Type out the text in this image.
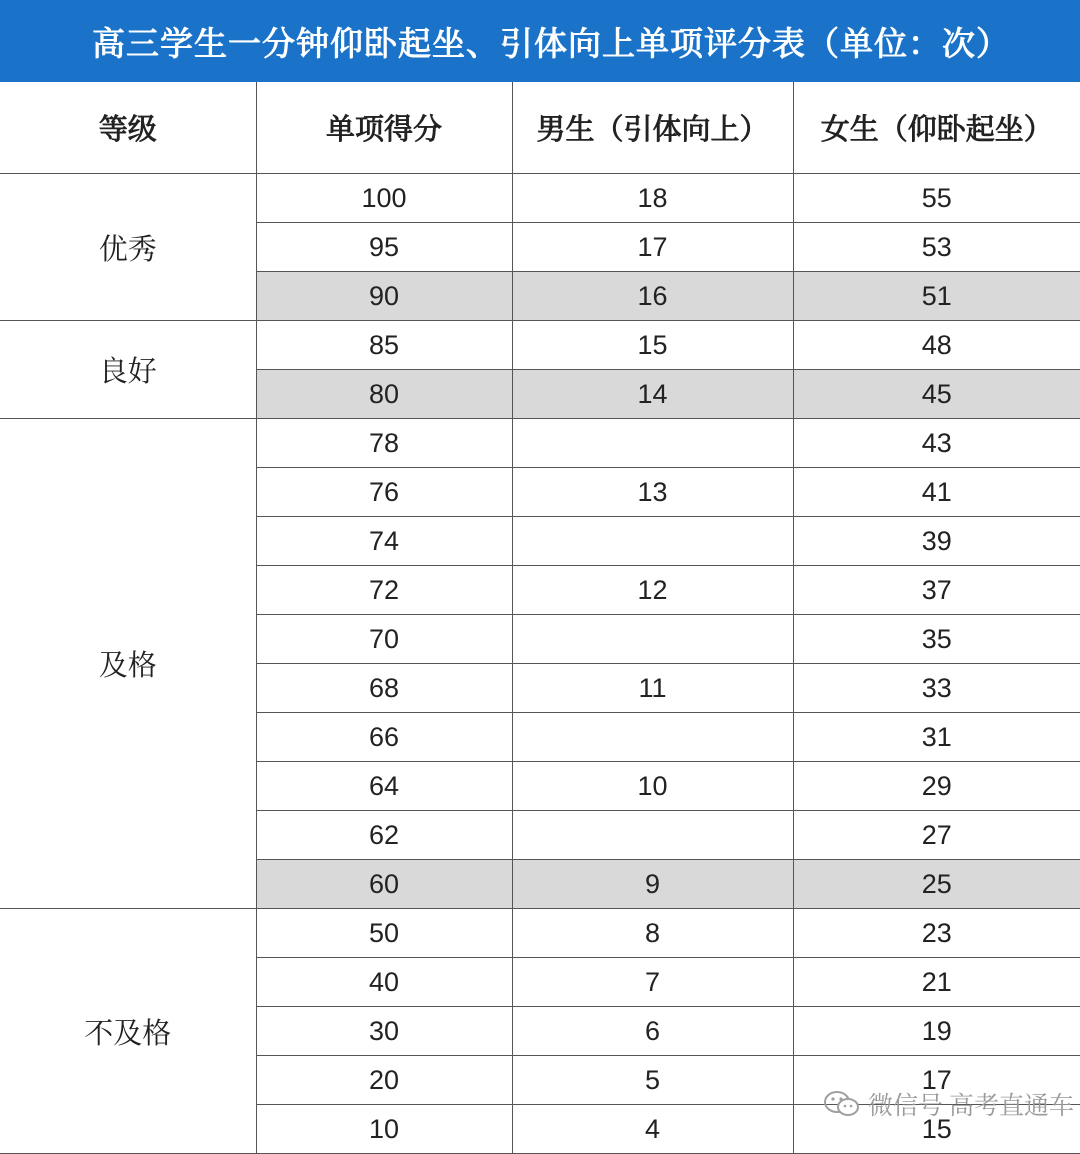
高三学生一分钟仰卧起坐、引体向上单项评分表（单位：次）
等级	单项得分	男生（引体向上）	女生（仰卧起坐）
优秀	100	18	55
	95	17	53
	90	16	51
良好	85	15	48
	80	14	45
及格	78		43
	76	13	41
	74		39
	72	12	37
	70		35
	68	11	33
	66		31
	64	10	29
	62		27
	60	9	25
不及格	50	8	23
	40	7	21
	30	6	19
	20	5	17
	10	4	15
微信号 高考直通车
